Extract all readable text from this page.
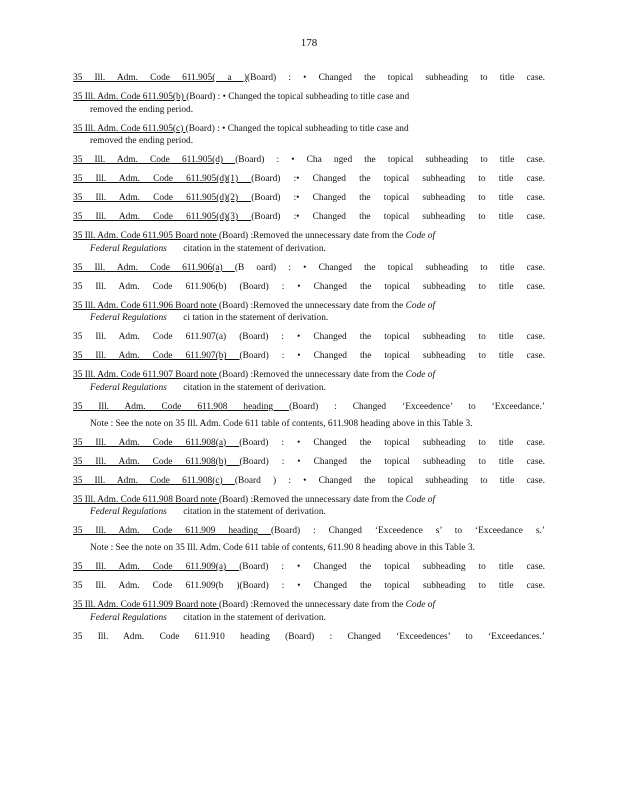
178
35 Ill. Adm. Code 611.905( a )(Board) : • Changed the topical subheading to title case.
35 Ill. Adm. Code 611.905(b) (Board) : • Changed the topical subheading to title case and
removed the ending period.
35 Ill. Adm. Code 611.905(c) (Board) : • Changed the topical subheading to title case and
removed the ending period.
35 Ill. Adm. Code 611.905(d) (Board) : • Cha nged the topical subheading to title case.
35 Ill. Adm. Code 611.905(d)(1) (Board) :• Changed the topical subheading to title case.
35 Ill. Adm. Code 611.905(d)(2) (Board) :• Changed the topical subheading to title case.
35 Ill. Adm. Code 611.905(d)(3) (Board) :• Changed the topical subheading to title case.
35 Ill. Adm. Code 611.905 Board note (Board) :Removed the unnecessary date from the Code of
Federal Regulations citation in the statement of derivation.
35 Ill. Adm. Code 611.906(a) (B oard) : • Changed the topical subheading to title case.
35 Ill. Adm. Code 611.906(b) (Board) : • Changed the topical subheading to title case.
35 Ill. Adm. Code 611.906 Board note (Board) :Removed the unnecessary date from the Code of
Federal Regulations ci tation in the statement of derivation.
35 Ill. Adm. Code 611.907(a) (Board) : • Changed the topical subheading to title case.
35 Ill. Adm. Code 611.907(b) (Board) : • Changed the topical subheading to title case.
35 Ill. Adm. Code 611.907 Board note (Board) :Removed the unnecessary date from the Code of
Federal Regulations citation in the statement of derivation.
35 Ill. Adm. Code 611.908 heading (Board) : Changed ‘Exceedence’ to ‘Exceedance.’
Note : See the note on 35 Ill. Adm. Code 611 table of contents, 611.908 heading above in this Table 3.
35 Ill. Adm. Code 611.908(a) (Board) : • Changed the topical subheading to title case.
35 Ill. Adm. Code 611.908(b) (Board) : • Changed the topical subheading to title case.
35 Ill. Adm. Code 611.908(c) (Board ) : • Changed the topical subheading to title case.
35 Ill. Adm. Code 611.908 Board note (Board) :Removed the unnecessary date from the Code of
Federal Regulations citation in the statement of derivation.
35 Ill. Adm. Code 611.909 heading (Board) : Changed ‘Exceedence s’ to ‘Exceedance s.’
Note : See the note on 35 Ill. Adm. Code 611 table of contents, 611.90 8 heading above in this Table 3.
35 Ill. Adm. Code 611.909(a) (Board) : • Changed the topical subheading to title case.
35 Ill. Adm. Code 611.909(b )(Board) : • Changed the topical subheading to title case.
35 Ill. Adm. Code 611.909 Board note (Board) :Removed the unnecessary date from the Code of
Federal Regulations citation in the statement of derivation.
35 Ill. Adm. Code 611.910 heading (Board) : Changed ‘Exceedences’ to ‘Exceedances.’
